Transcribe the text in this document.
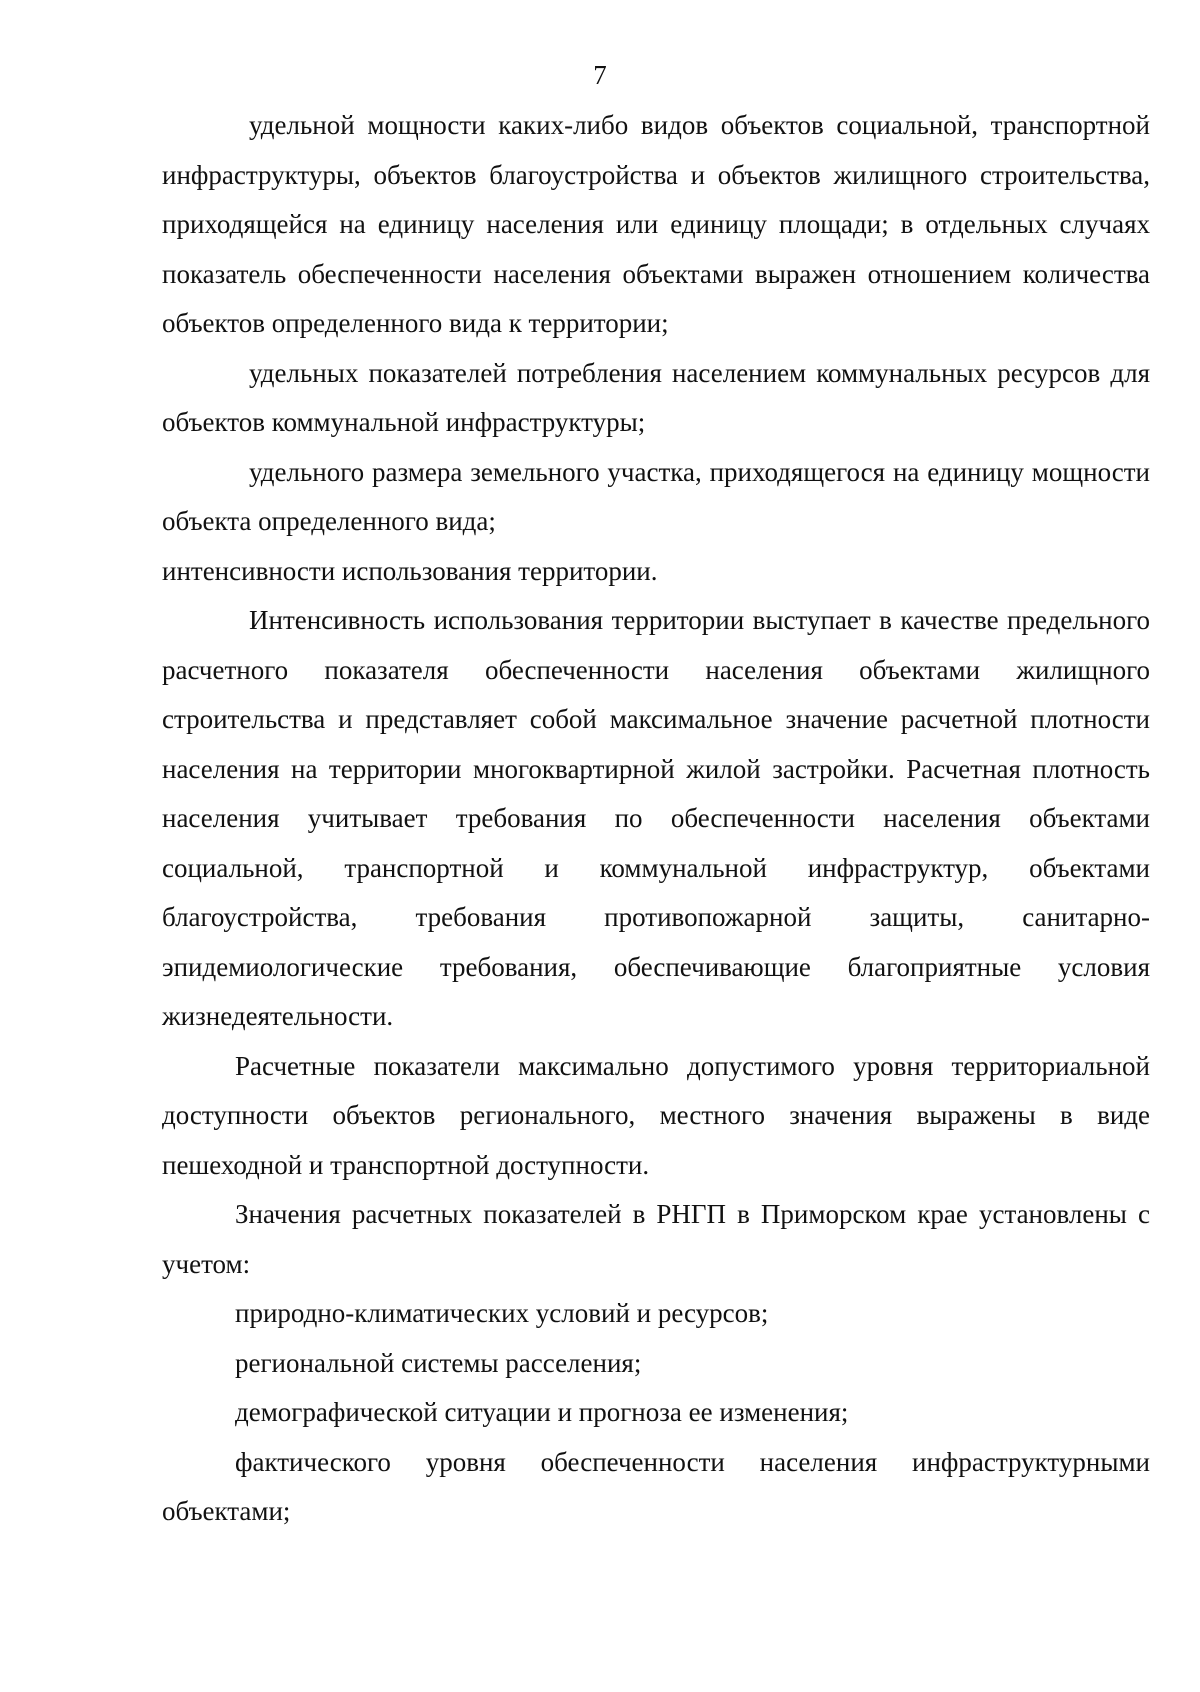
7

удельной мощности каких-либо видов объектов социальной, транспортной инфраструктуры, объектов благоустройства и объектов жилищного строительства, приходящейся на единицу населения или единицу площади; в отдельных случаях показатель обеспеченности населения объектами выражен отношением количества объектов определенного вида к территории;

удельных показателей потребления населением коммунальных ресурсов для объектов коммунальной инфраструктуры;

удельного размера земельного участка, приходящегося на единицу мощности объекта определенного вида;

интенсивности использования территории.

Интенсивность использования территории выступает в качестве предельного расчетного показателя обеспеченности населения объектами жилищного строительства и представляет собой максимальное значение расчетной плотности населения на территории многоквартирной жилой застройки. Расчетная плотность населения учитывает требования по обеспеченности населения объектами социальной, транспортной и коммунальной инфраструктур, объектами благоустройства, требования противопожарной защиты, санитарно-эпидемиологические требования, обеспечивающие благоприятные условия жизнедеятельности.

Расчетные показатели максимально допустимого уровня территориальной доступности объектов регионального, местного значения выражены в виде пешеходной и транспортной доступности.

Значения расчетных показателей в РНГП в Приморском крае установлены с учетом:

природно-климатических условий и ресурсов;

региональной системы расселения;

демографической ситуации и прогноза ее изменения;

фактического уровня обеспеченности населения инфраструктурными объектами;
